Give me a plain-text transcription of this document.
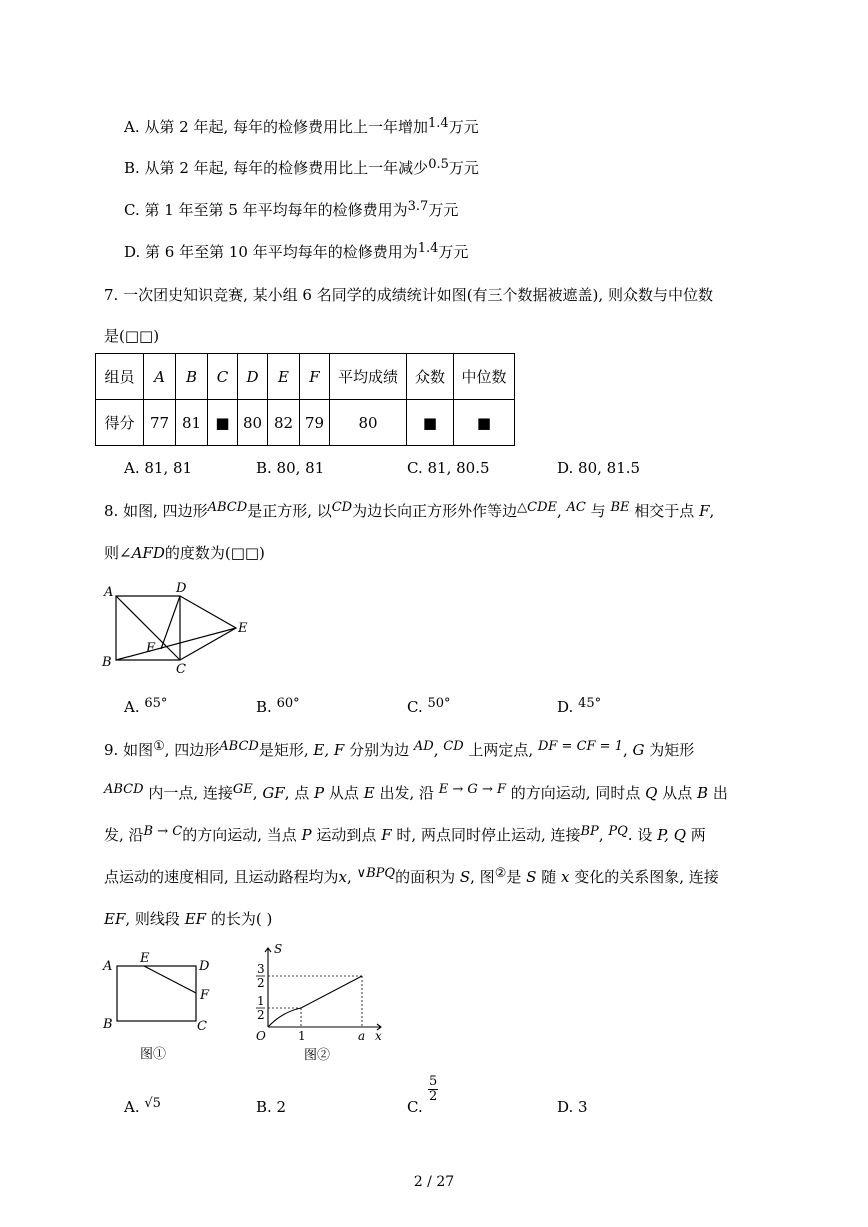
A. 从第 2 年起, 每年的检修费用比上一年增加1.4万元
B. 从第 2 年起, 每年的检修费用比上一年减少0.5万元
C. 第 1 年至第 5 年平均每年的检修费用为3.7万元
D. 第 6 年至第 10 年平均每年的检修费用为1.4万元
7. 一次团史知识竞赛, 某小组 6 名同学的成绩统计如图(有三个数据被遮盖), 则众数与中位数
是(□□)
组员	A	B	C	D	E	F	平均成绩	众数	中位数
得分	77	81	■	80	82	79	80	■	■
A. 81, 81	B. 80, 81	C. 81, 80.5	D. 80, 81.5
8. 如图, 四边形ABCD是正方形, 以CD为边长向正方形外作等边△CDE, AC 与 BE 相交于点 F,
则∠AFD的度数为(□□)
A	D
E
B	C
F
A. 65°	B. 60°	C. 50°	D. 45°
9. 如图①, 四边形ABCD是矩形, E, F 分别为边 AD, CD 上两定点, DF = CF = 1, G 为矩形
ABCD 内一点, 连接GE, GF, 点 P 从点 E 出发, 沿 E → G → F 的方向运动, 同时点 Q 从点 B 出
发, 沿B → C的方向运动, 当点 P 运动到点 F 时, 两点同时停止运动, 连接BP, PQ. 设 P, Q 两
点运动的速度相同, 且运动路程均为x, ∨BPQ的面积为 S, 图②是 S 随 x 变化的关系图象, 连接
EF, 则线段 EF 的长为( )
A
E
D
F
B	C
图①
S
3
2
1
2
O	1	a x
图②
A. √5	B. 2	C.
$\frac{5}{2}$
D. 3
2 / 27
